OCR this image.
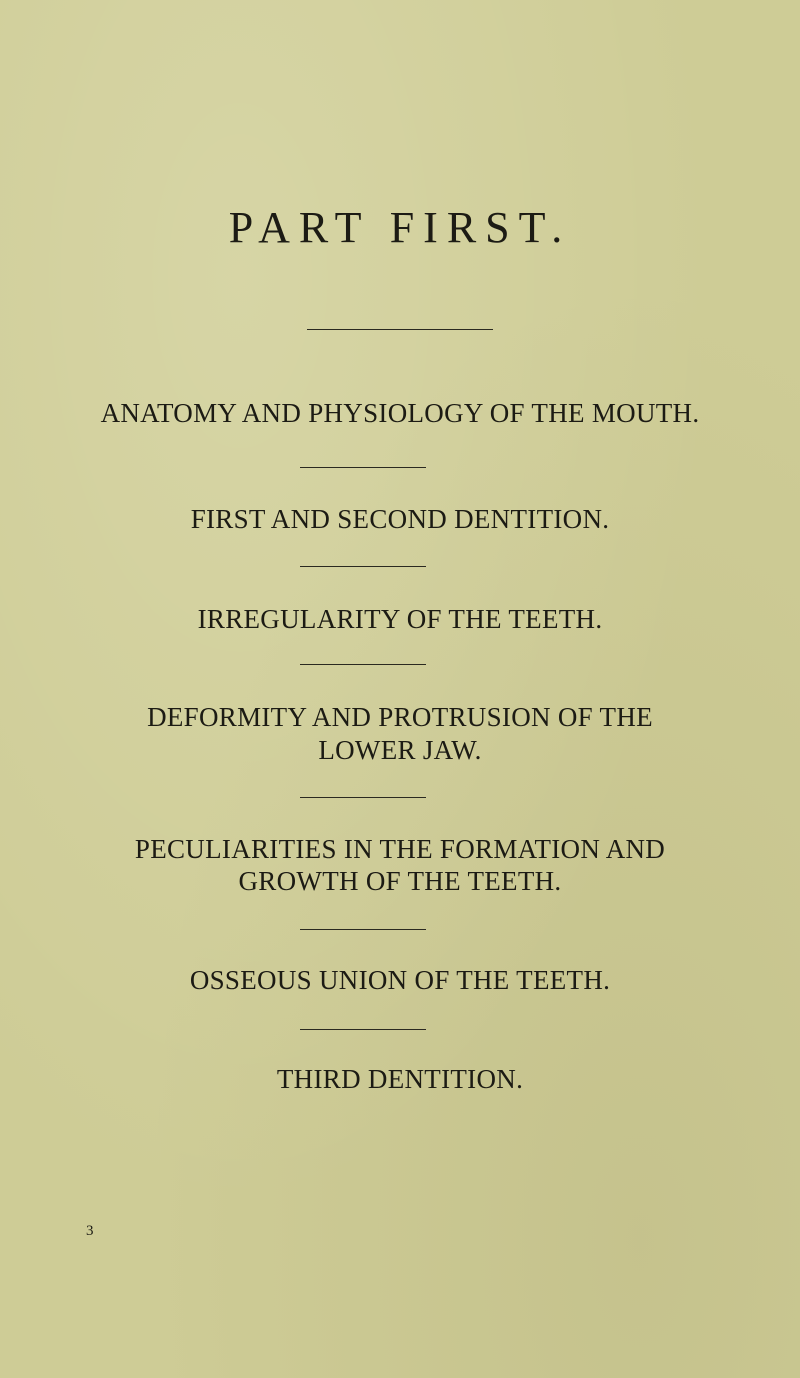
PART FIRST.
ANATOMY AND PHYSIOLOGY OF THE MOUTH.
FIRST AND SECOND DENTITION.
IRREGULARITY OF THE TEETH.
DEFORMITY AND PROTRUSION OF THE
LOWER JAW.
PECULIARITIES IN THE FORMATION AND
GROWTH OF THE TEETH.
OSSEOUS UNION OF THE TEETH.
THIRD DENTITION.
3
